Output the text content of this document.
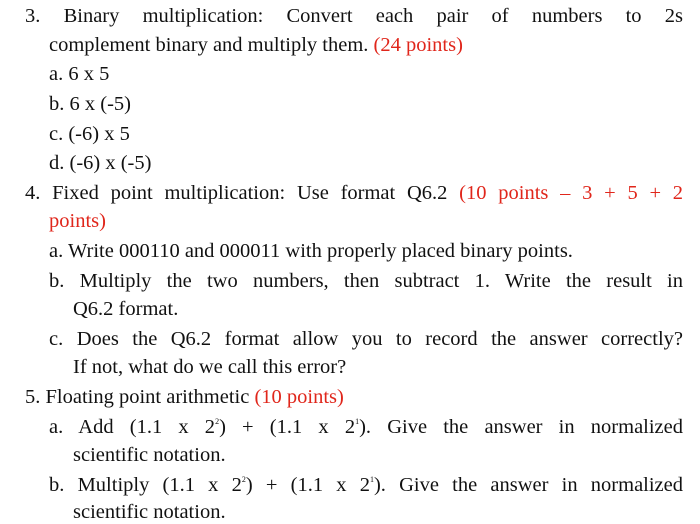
3. Binary multiplication: Convert each pair of numbers to 2s
complement binary and multiply them. (24 points)
a. 6 x 5
b. 6 x (-5)
c. (-6) x 5
d. (-6) x (-5)
4. Fixed point multiplication: Use format Q6.2 (10 points – 3 + 5 + 2
points)
a. Write 000110 and 000011 with properly placed binary points.
b. Multiply the two numbers, then subtract 1. Write the result in
Q6.2 format.
c. Does the Q6.2 format allow you to record the answer correctly?
If not, what do we call this error?
5. Floating point arithmetic (10 points)
a. Add (1.1 x $2^2) + (1.1$ x $2^1$). Give the answer in normalized
scientific notation.
b. Multiply (1.1 x $2^2) + (1.1$ x $2^1$). Give the answer in normalized
scientific notation.
